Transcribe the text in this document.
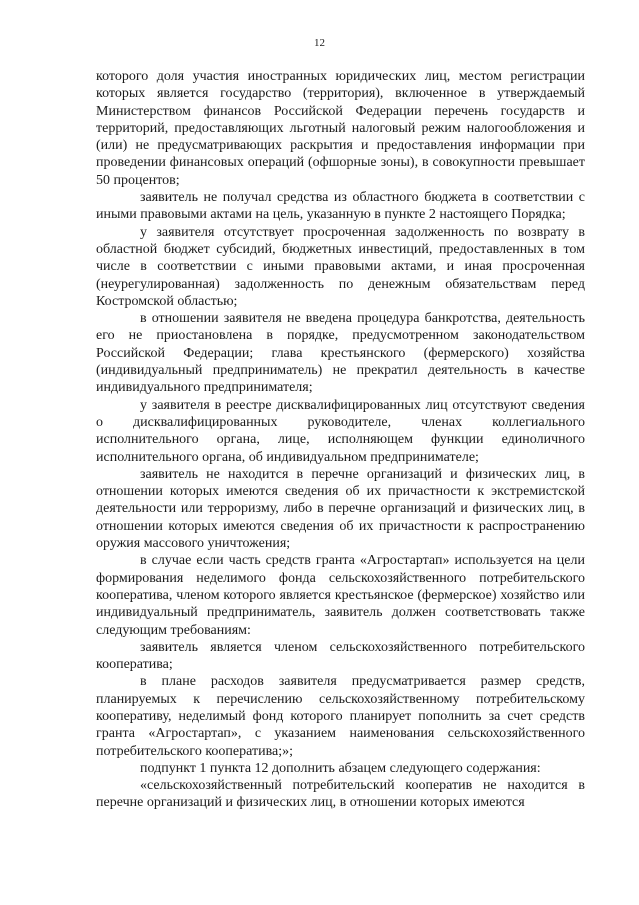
12

которого доля участия иностранных юридических лиц, местом регистрации которых является государство (территория), включенное в утверждаемый Министерством финансов Российской Федерации перечень государств и территорий, предоставляющих льготный налоговый режим налогообложения и (или) не предусматривающих раскрытия и предоставления информации при проведении финансовых операций (офшорные зоны), в совокупности превышает 50 процентов;

заявитель не получал средства из областного бюджета в соответствии с иными правовыми актами на цель, указанную в пункте 2 настоящего Порядка;

у заявителя отсутствует просроченная задолженность по возврату в областной бюджет субсидий, бюджетных инвестиций, предоставленных в том числе в соответствии с иными правовыми актами, и иная просроченная (неурегулированная) задолженность по денежным обязательствам перед Костромской областью;

в отношении заявителя не введена процедура банкротства, деятельность его не приостановлена в порядке, предусмотренном законодательством Российской Федерации; глава крестьянского (фермерского) хозяйства (индивидуальный предприниматель) не прекратил деятельность в качестве индивидуального предпринимателя;

у заявителя в реестре дисквалифицированных лиц отсутствуют сведения о дисквалифицированных руководителе, членах коллегиального исполнительного органа, лице, исполняющем функции единоличного исполнительного органа, об индивидуальном предпринимателе;

заявитель не находится в перечне организаций и физических лиц, в отношении которых имеются сведения об их причастности к экстремистской деятельности или терроризму, либо в перечне организаций и физических лиц, в отношении которых имеются сведения об их причастности к распространению оружия массового уничтожения;

в случае если часть средств гранта «Агростартап» используется на цели формирования неделимого фонда сельскохозяйственного потребительского кооператива, членом которого является крестьянское (фермерское) хозяйство или индивидуальный предприниматель, заявитель должен соответствовать также следующим требованиям:

заявитель является членом сельскохозяйственного потребительского кооператива;

в плане расходов заявителя предусматривается размер средств, планируемых к перечислению сельскохозяйственному потребительскому кооперативу, неделимый фонд которого планирует пополнить за счет средств гранта «Агростартап», с указанием наименования сельскохозяйственного потребительского кооператива;»;

подпункт 1 пункта 12 дополнить абзацем следующего содержания:

«сельскохозяйственный потребительский кооператив не находится в перечне организаций и физических лиц, в отношении которых имеются
